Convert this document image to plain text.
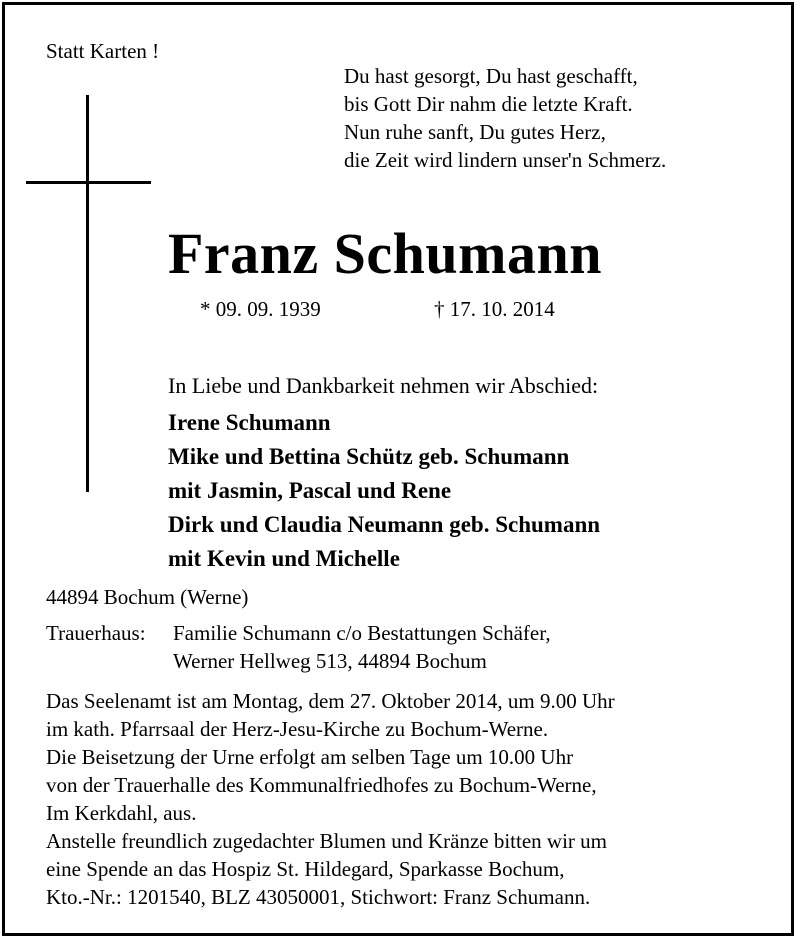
Statt Karten !
Du hast gesorgt, Du hast geschafft,
bis Gott Dir nahm die letzte Kraft.
Nun ruhe sanft, Du gutes Herz,
die Zeit wird lindern unser'n Schmerz.
Franz Schumann
* 09. 09. 1939	† 17. 10. 2014
In Liebe und Dankbarkeit nehmen wir Abschied:
Irene Schumann
Mike und Bettina Schütz geb. Schumann
mit Jasmin, Pascal und Rene
Dirk und Claudia Neumann geb. Schumann
mit Kevin und Michelle
44894 Bochum (Werne)
Trauerhaus: Familie Schumann c/o Bestattungen Schäfer,
Werner Hellweg 513, 44894 Bochum
Das Seelenamt ist am Montag, dem 27. Oktober 2014, um 9.00 Uhr
im kath. Pfarrsaal der Herz-Jesu-Kirche zu Bochum-Werne.
Die Beisetzung der Urne erfolgt am selben Tage um 10.00 Uhr
von der Trauerhalle des Kommunalfriedhofes zu Bochum-Werne,
Im Kerkdahl, aus.
Anstelle freundlich zugedachter Blumen und Kränze bitten wir um
eine Spende an das Hospiz St. Hildegard, Sparkasse Bochum,
Kto.-Nr.: 1201540, BLZ 43050001, Stichwort: Franz Schumann.
